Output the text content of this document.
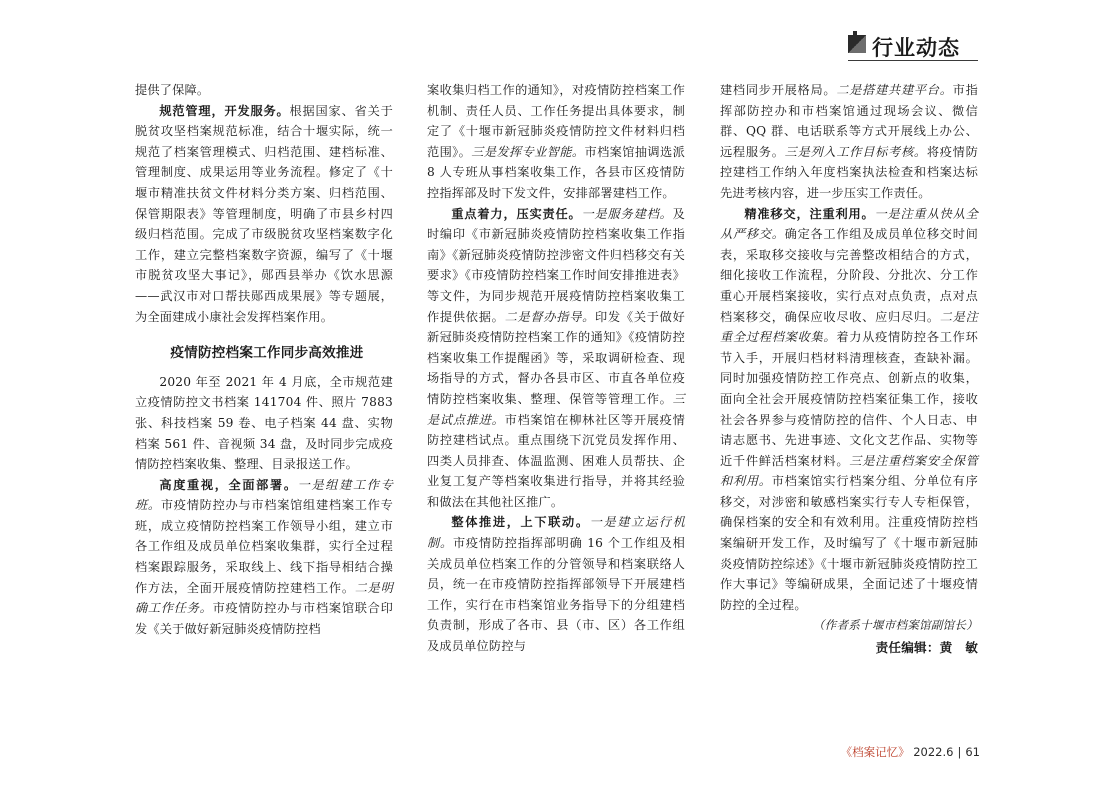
行业动态

提供了保障。

规范管理，开发服务。根据国家、省关于脱贫攻坚档案规范标准，结合十堰实际，统一规范了档案管理模式、归档范围、建档标准、管理制度、成果运用等业务流程。修定了《十堰市精准扶贫文件材料分类方案、归档范围、保管期限表》等管理制度，明确了市县乡村四级归档范围。完成了市级脱贫攻坚档案数字化工作，建立完整档案数字资源，编写了《十堰市脱贫攻坚大事记》，郧西县举办《饮水思源——武汉市对口帮扶郧西成果展》等专题展，为全面建成小康社会发挥档案作用。

疫情防控档案工作同步高效推进

2020 年至 2021 年 4 月底，全市规范建立疫情防控文书档案 141704 件、照片 7883 张、科技档案 59 卷、电子档案 44 盘、实物档案 561 件、音视频 34 盘，及时同步完成疫情防控档案收集、整理、目录报送工作。

高度重视，全面部署。一是组建工作专班。市疫情防控办与市档案馆组建档案工作专班，成立疫情防控档案工作领导小组，建立市各工作组及成员单位档案收集群，实行全过程档案跟踪服务，采取线上、线下指导相结合操作方法，全面开展疫情防控建档工作。二是明确工作任务。市疫情防控办与市档案馆联合印发《关于做好新冠肺炎疫情防控档

案收集归档工作的通知》，对疫情防控档案工作机制、责任人员、工作任务提出具体要求，制定了《十堰市新冠肺炎疫情防控文件材料归档范围》。三是发挥专业智能。市档案馆抽调选派 8 人专班从事档案收集工作，各县市区疫情防控指挥部及时下发文件，安排部署建档工作。

重点着力，压实责任。一是服务建档。及时编印《市新冠肺炎疫情防控档案收集工作指南》《新冠肺炎疫情防控涉密文件归档移交有关要求》《市疫情防控档案工作时间安排推进表》等文件，为同步规范开展疫情防控档案收集工作提供依据。二是督办指导。印发《关于做好新冠肺炎疫情防控档案工作的通知》《疫情防控档案收集工作提醒函》等，采取调研检查、现场指导的方式，督办各县市区、市直各单位疫情防控档案收集、整理、保管等管理工作。三是试点推进。市档案馆在柳林社区等开展疫情防控建档试点。重点围绕下沉党员发挥作用、四类人员排查、体温监测、困难人员帮扶、企业复工复产等档案收集进行指导，并将其经验和做法在其他社区推广。

整体推进，上下联动。一是建立运行机制。市疫情防控指挥部明确 16 个工作组及相关成员单位档案工作的分管领导和档案联络人员，统一在市疫情防控指挥部领导下开展建档工作，实行在市档案馆业务指导下的分组建档负责制，形成了各市、县（市、区）各工作组及成员单位防控与

建档同步开展格局。二是搭建共建平台。市指挥部防控办和市档案馆通过现场会议、微信群、QQ 群、电话联系等方式开展线上办公、远程服务。三是列入工作目标考核。将疫情防控建档工作纳入年度档案执法检查和档案达标先进考核内容，进一步压实工作责任。

精准移交，注重利用。一是注重从快从全从严移交。确定各工作组及成员单位移交时间表，采取移交接收与完善整改相结合的方式，细化接收工作流程，分阶段、分批次、分工作重心开展档案接收，实行点对点负责，点对点档案移交，确保应收尽收、应归尽归。二是注重全过程档案收集。着力从疫情防控各工作环节入手，开展归档材料清理核查，查缺补漏。同时加强疫情防控工作亮点、创新点的收集，面向全社会开展疫情防控档案征集工作，接收社会各界参与疫情防控的信件、个人日志、申请志愿书、先进事迹、文化文艺作品、实物等近千件鲜活档案材料。三是注重档案安全保管和利用。市档案馆实行档案分组、分单位有序移交，对涉密和敏感档案实行专人专柜保管，确保档案的安全和有效利用。注重疫情防控档案编研开发工作，及时编写了《十堰市新冠肺炎疫情防控综述》《十堰市新冠肺炎疫情防控工作大事记》等编研成果，全面记述了十堰疫情防控的全过程。

（作者系十堰市档案馆副馆长）

责任编辑：黄　敏

《档案记忆》 2022.6 | 61
